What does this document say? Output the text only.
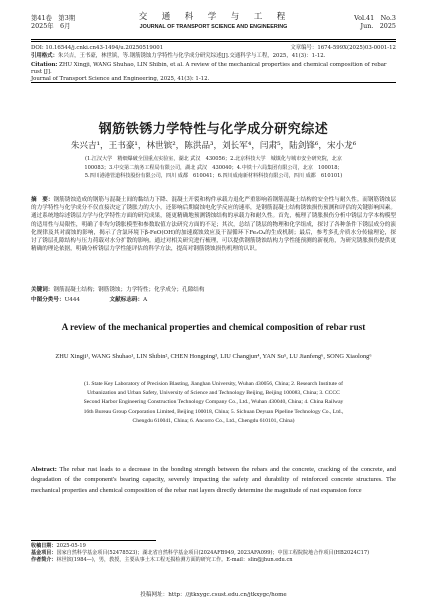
第41卷　第3期
2025年　6月
交　通　科　学　与　工　程
JOURNAL OF TRANSPORT SCIENCE AND ENGINEERING
Vol.41　No.3
Jun.　2025
DOI: 10.16544/j.cnki.cn43-1494/u.20250519001	文章编号：1674-599X(2025)03-0001-12
引用格式：朱兴吉，王书豪，林世镔，等.钢筋锈蚀力学特性与化学成分研究综述[J].交通科学与工程，2025，41(3)：1-12.
Citation: ZHU Xingji, WANG Shuhao, LIN Shibin, et al. A review of the mechanical properties and chemical composition of rebar rust [J].
Journal of Transport Science and Engineering, 2025, 41(3): 1-12.
钢筋铁锈力学特性与化学成分研究综述
朱兴吉¹，王书豪¹，林世镔²，陈洪品³，刘长军⁴，闫肃⁵，陆剑锋⁶，宋小龙⁶
(1.江汉大学　精细爆破全国重点实验室，湖北 武汉　430056；2.北京科技大学　城镇化与城市安全研究院，北京
100083；3.中交第二航务工程局有限公司，湖北 武汉　430040；4.中铁十六局集团有限公司，北京　100018；
5.四川港港管道科技股份有限公司，四川 成都　610041；6.四川成南新材料科技有限公司，四川 成都　610101)
摘　要：钢筋锈蚀造成的钢筋与混凝土间的黏结力下降、混凝土开裂和构件承载力退化严重影响着钢筋混凝土结构的安全性与耐久性。而钢筋锈蚀层的力学特性与化学成分不仅直接决定了锈胀力的大小，还影响后期腐蚀电化学反应的速率，是钢筋混凝土结构锈蚀损伤预测和评估的关键影响因素。通过系统地综述锈层力学与化学特性方面的研究成果，能更精确地预测锈蚀结构的承载力和耐久性。首先，梳理了锈胀损伤分析中锈层力学本构模型的适用性与局限性，明确了非均匀锈胀模型和参数取值方法研究方面的不足；其次，总结了锈层的物理和化学组成，探讨了各种条件下锈层成分的演化规律及其对腐蚀的影响，揭示了含氯环境下β-FeO(OH)的加速腐蚀效应及干湿循环下Fe₃O₄的生成机制；最后，参考多孔介质水分传输理论，探讨了锈层孔隙结构与压力荷载对水分扩散的影响。通过对相关研究进行梳理，可以提供钢筋锈蚀结构力学性能预测的新视角，为研究锈胀损伤提供更精确的理论依据，明确分析锈层力学性能评估的科学方法，提高对钢筋锈蚀损伤机理的认识。
关键词：钢筋混凝土结构；钢筋锈蚀；力学特性；化学成分；孔隙结构
中图分类号：U444	文献标志码：A
A review of the mechanical properties and chemical composition of rebar rust
ZHU Xingji¹, WANG Shuhao¹, LIN Shibin², CHEN Hongping³, LIU Changjun⁴, YAN Su⁵, LU Jianfeng⁶, SONG Xiaolong⁶
(1. State Key Laboratory of Precision Blasting, Jianghan University, Wuhan 430056, China; 2. Research Institute of
Urbanization and Urban Safety, University of Science and Technology Beijing, Beijing 100083, China; 3. CCCC
Second Harbor Engineering Construction Technology Company Co., Ltd., Wuhan 430040, China; 4. China Railway
16th Bureau Group Corporation Limited, Beijing 100018, China; 5. Sichuan Deyuan Pipeline Technology Co., Ltd.,
Chengdu 610041, China; 6. Ancorro Co., Ltd., Chengdu 610101, China)
Abstract: The rebar rust leads to a decrease in the bonding strength between the rebars and the concrete, cracking of the concrete, and degradation of the component's bearing capacity, severely impacting the safety and durability of reinforced concrete structures. The mechanical properties and chemical composition of the rebar rust layers directly determine the magnitude of rust expansion force
收稿日期：2025-05-19
基金项目：国家自然科学基金项目(52478523)；湖北省自然科学基金项目(2024AFB949, 2023AFA099)；中国工程院院地合作项目(HB2024C17)
作者简介：林世镔(1984—)，男，教授，主要从事土木工程无损检测方面的研究工作。E-mail：slin@jhun.edu.cn
投稿网址：http：//jtkxygc.csust.edu.cn/jtkxygc/home
